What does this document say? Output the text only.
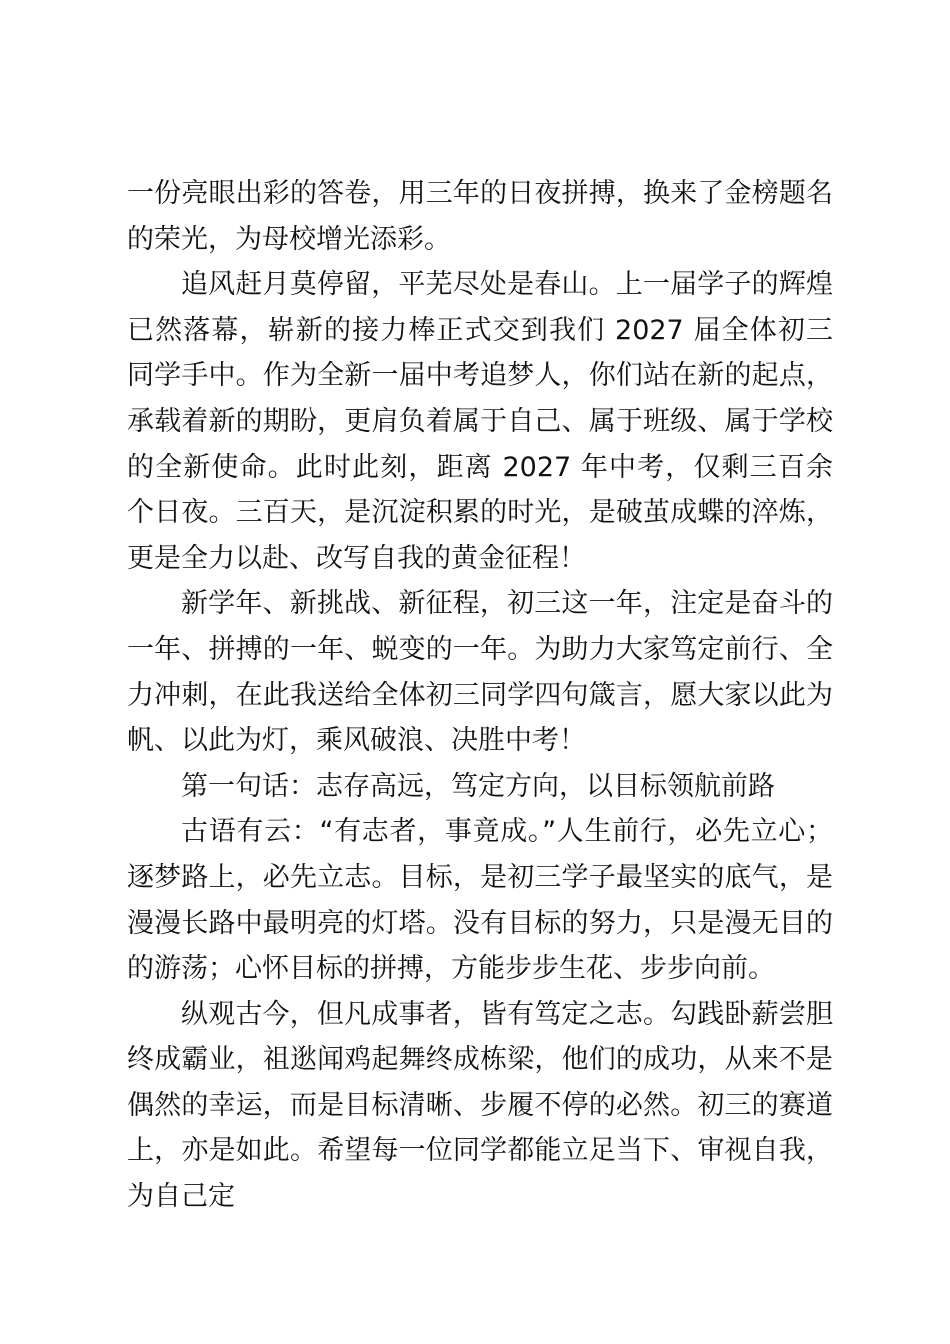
一份亮眼出彩的答卷，用三年的日夜拼搏，换来了金榜题名的荣光，为母校增光添彩。

追风赶月莫停留，平芜尽处是春山。上一届学子的辉煌已然落幕，崭新的接力棒正式交到我们 2027 届全体初三同学手中。作为全新一届中考追梦人，你们站在新的起点，承载着新的期盼，更肩负着属于自己、属于班级、属于学校的全新使命。此时此刻，距离 2027 年中考，仅剩三百余个日夜。三百天，是沉淀积累的时光，是破茧成蝶的淬炼，更是全力以赴、改写自我的黄金征程！

新学年、新挑战、新征程，初三这一年，注定是奋斗的一年、拼搏的一年、蜕变的一年。为助力大家笃定前行、全力冲刺，在此我送给全体初三同学四句箴言，愿大家以此为帆、以此为灯，乘风破浪、决胜中考！

第一句话：志存高远，笃定方向，以目标领航前路

古语有云：“有志者，事竟成。”人生前行，必先立心；逐梦路上，必先立志。目标，是初三学子最坚实的底气，是漫漫长路中最明亮的灯塔。没有目标的努力，只是漫无目的的游荡；心怀目标的拼搏，方能步步生花、步步向前。

纵观古今，但凡成事者，皆有笃定之志。勾践卧薪尝胆终成霸业，祖逖闻鸡起舞终成栋梁，他们的成功，从来不是偶然的幸运，而是目标清晰、步履不停的必然。初三的赛道上，亦是如此。希望每一位同学都能立足当下、审视自我，为自己定
